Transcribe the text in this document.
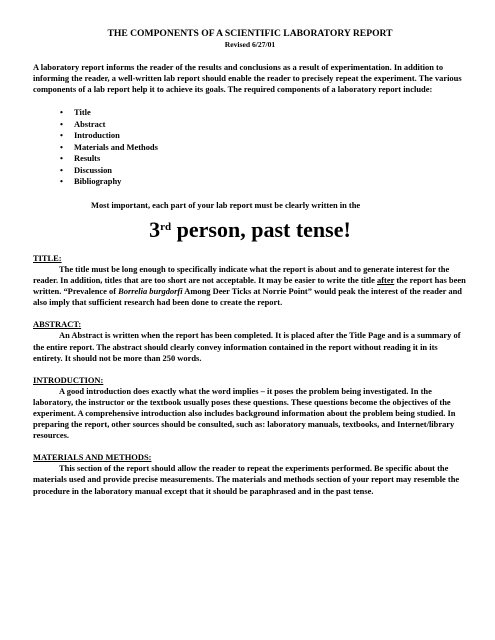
THE COMPONENTS OF A SCIENTIFIC LABORATORY REPORT

Revised 6/27/01

A laboratory report informs the reader of the results and conclusions as a result of experimentation. In addition to informing the reader, a well-written lab report should enable the reader to precisely repeat the experiment. The various components of a lab report help it to achieve its goals. The required components of a laboratory report include:

• Title
• Abstract
• Introduction
• Materials and Methods
• Results
• Discussion
• Bibliography

Most important, each part of your lab report must be clearly written in the

3rd person, past tense!

TITLE:

The title must be long enough to specifically indicate what the report is about and to generate interest for the reader. In addition, titles that are too short are not acceptable. It may be easier to write the title after the report has been written. “Prevalence of Borrelia burgdorfi Among Deer Ticks at Norrie Point” would peak the interest of the reader and also imply that sufficient research had been done to create the report.

ABSTRACT:

An Abstract is written when the report has been completed. It is placed after the Title Page and is a summary of the entire report. The abstract should clearly convey information contained in the report without reading it in its entirety. It should not be more than 250 words.

INTRODUCTION:

A good introduction does exactly what the word implies – it poses the problem being investigated. In the laboratory, the instructor or the textbook usually poses these questions. These questions become the objectives of the experiment. A comprehensive introduction also includes background information about the problem being studied. In preparing the report, other sources should be consulted, such as: laboratory manuals, textbooks, and Internet/library resources.

MATERIALS AND METHODS:

This section of the report should allow the reader to repeat the experiments performed. Be specific about the materials used and provide precise measurements. The materials and methods section of your report may resemble the procedure in the laboratory manual except that it should be paraphrased and in the past tense.
